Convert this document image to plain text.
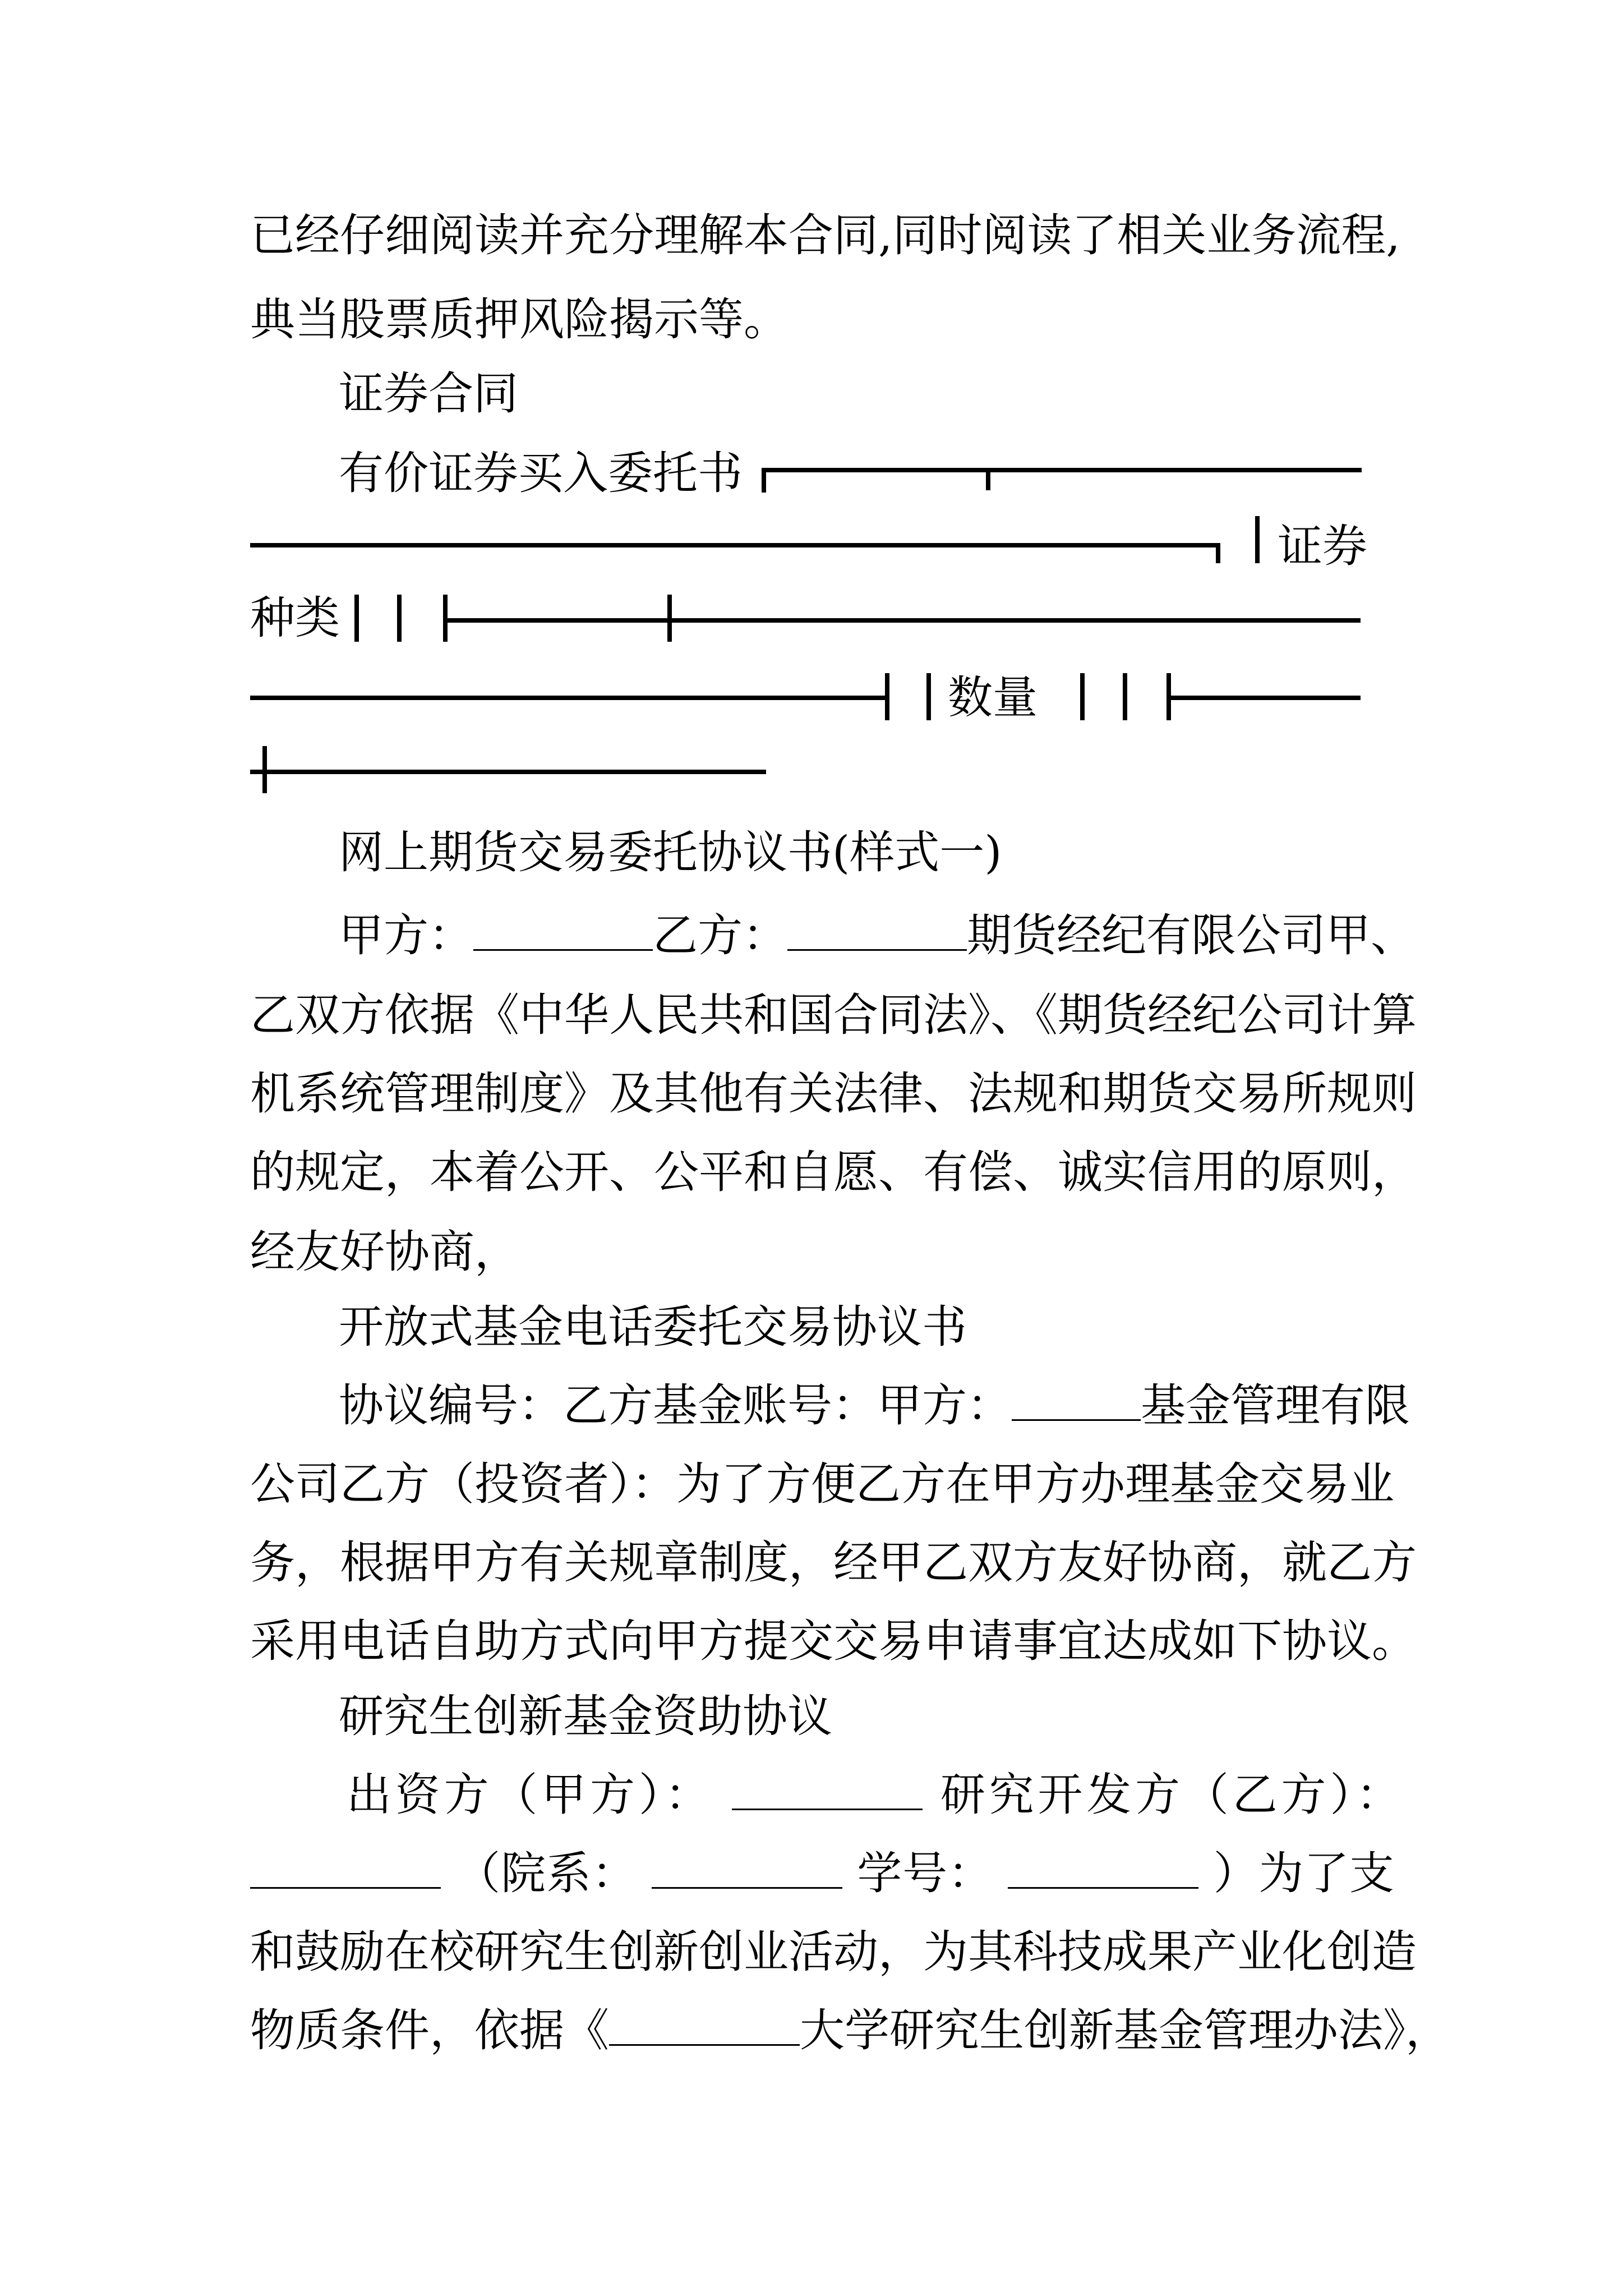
已经仔细阅读并充分理解本合同,同时阅读了相关业务流程,
典当股票质押风险揭示等。
证券合同
有价证券买入委托书
证券
种类
数量
网上期货交易委托协议书(样式一)
甲方：	乙方：	期货经纪有限公司甲、
乙双方依据《中华人民共和国合同法》、《期货经纪公司计算
机系统管理制度》及其他有关法律、法规和期货交易所规则
的规定，本着公开、公平和自愿、有偿、诚实信用的原则，
经友好协商，
开放式基金电话委托交易协议书
协议编号：乙方基金账号：甲方：	基金管理有限
公司乙方（投资者）：为了方便乙方在甲方办理基金交易业
务，根据甲方有关规章制度，经甲乙双方友好协商，就乙方
采用电话自助方式向甲方提交交易申请事宜达成如下协议。
研究生创新基金资助协议
出资方（甲方）：	研究开发方（乙方）：
（院系：	学号：	）为了支
和鼓励在校研究生创新创业活动，为其科技成果产业化创造
物质条件，依据《	大学研究生创新基金管理办法》，
